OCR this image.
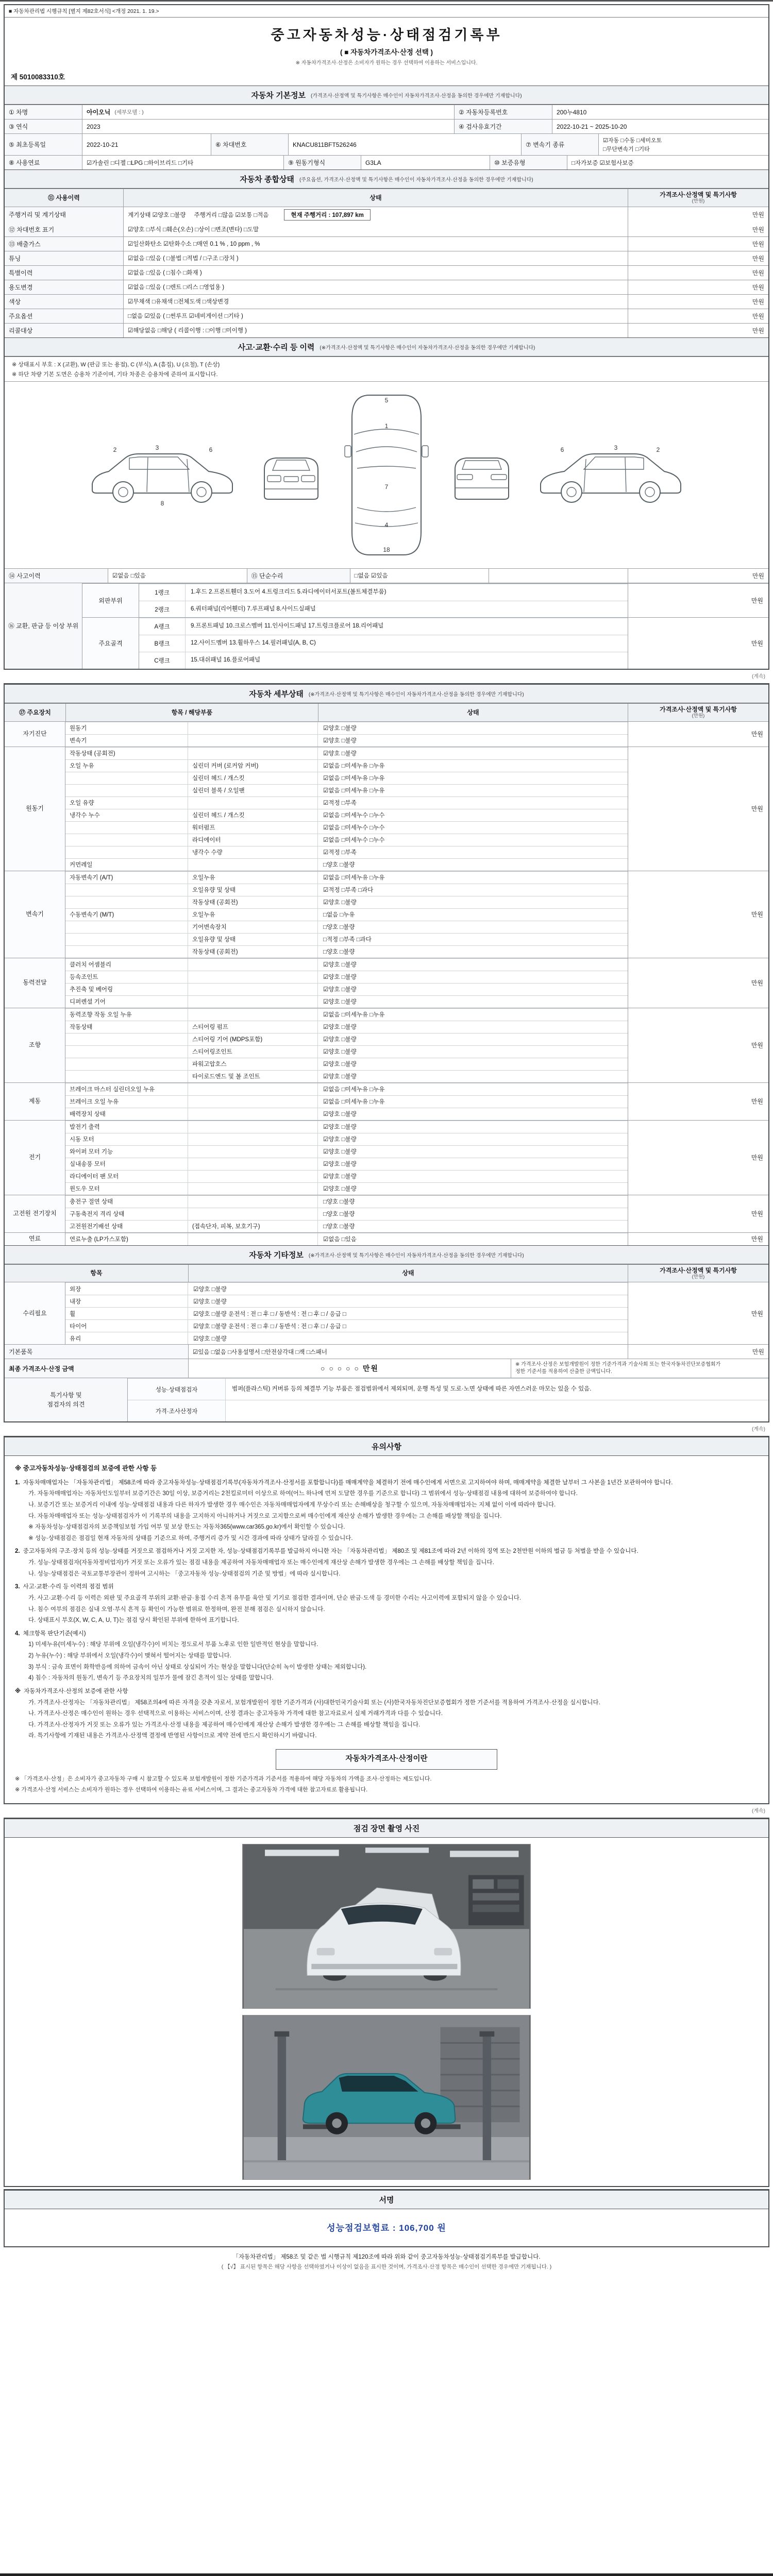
■ 자동차관리법 시행규칙 [별지 제82호서식] <개정 2021. 1. 19.>
중고자동차성능·상태점검기록부
( ■ 자동차가격조사·산정 선택 )
※ 자동차가격조사·산정은 소비자가 원하는 경우 선택하여 이용하는 서비스입니다.
제 5010083310호
자동차 기본정보 (가격조사·산정액 및 특기사항은 매수인이 자동차가격조사·산정을 동의한 경우에만 기재합니다)
① 차명	아이오닉 (세부모델 : )	② 자동차등록번호	200누4810
③ 연식	2023	④ 검사유효기간	2022-10-21 ~ 2025-10-20
⑤ 최초등록일	2022-10-21	⑥ 차대번호	KNACU811BFT526246	⑦ 변속기 종류
☑자동 □수동 □세미오토
□무단변속기 □기타
⑧ 사용연료	☑가솔린 □디젤 □LPG □하이브리드 □기타	⑨ 원동기형식	G3LA	⑩ 보증유형	□자가보증 ☑보험사보증
자동차 종합상태 (주요옵션, 가격조사·산정액 및 특기사항은 매수인이 자동차가격조사·산정을 동의한 경우에만 기재합니다)
⑪ 사용이력	상태	가격조사·산정액 및 특기사항
(만원)
주행거리 및 계기상태	계기상태 ☑양호 □불량 주행거리 □많음 ☑보통 □적음	현재 주행거리 : 107,897 km	만원
⑫ 차대번호 표기	☑양호 □부식 □훼손(오손) □상이 □변조(변타) □도말	만원
⑬ 배출가스	☑일산화탄소 ☑탄화수소 □매연 0.1 % , 10 ppm , %	만원
튜닝	☑없음 □있음 ( □불법 □적법 / □구조 □장치 )	만원
특별이력	☑없음 □있음 ( □침수 □화재 )	만원
용도변경	☑없음 □있음 ( □렌트 □리스 □영업용 )	만원
색상	☑무채색 □유채색 □전체도색 □색상변경	만원
주요옵션	□없음 ☑있음 ( □썬루프 ☑네비게이션 □기타 )	만원
리콜대상	☑해당없음 □해당 ( 리콜이행 : □이행 □미이행 )	만원
사고·교환·수리 등 이력 (※가격조사·산정액 및 특기사항은 매수인이 자동차가격조사·산정을 동의한 경우에만 기재합니다)
※ 상태표시 부호 : X (교환), W (판금 또는 용접), C (부식), A (흠집), U (요철), T (손상)
※ 하단 차량 기본 도면은 승용차 기준이며, 기타 차종은 승용차에 준하여 표시합니다.
2	3	6
8
5
1
7
4
18
2
3
6
⑭ 사고이력	☑없음 □있음	⑮ 단순수리	□없음 ☑있음	만원
⑯ 교환, 판금 등 이상 부위
외판부위
1랭크	1.후드 2.프론트휀더 3.도어 4.트렁크리드 5.라디에이터서포트(볼트체결부품)
2랭크	6.쿼터패널(리어휀더) 7.루프패널 8.사이드실패널
만원
주요골격
A랭크	9.프론트패널 10.크로스멤버 11.인사이드패널 17.트렁크플로어 18.리어패널
B랭크	12.사이드멤버 13.휠하우스 14.필러패널(A, B, C)
C랭크	15.대쉬패널 16.플로어패널
만원
(계속)
자동차 세부상태 (※가격조사·산정액 및 특기사항은 매수인이 자동차가격조사·산정을 동의한 경우에만 기재합니다)
⑰ 주요장치	항목 / 해당부품	상태	가격조사·산정액 및 특기사항
(만원)
자기진단
원동기	☑양호 □불량
변속기	☑양호 □불량
만원
원동기
작동상태 (공회전)	☑양호 □불량
오일 누유	실린더 커버 (로커암 커버)	☑없음 □미세누유 □누유
실린더 헤드 / 개스킷	☑없음 □미세누유 □누유
실린더 블록 / 오일팬	☑없음 □미세누유 □누유
오일 유량	☑적정 □부족
냉각수 누수	실린더 헤드 / 개스킷	☑없음 □미세누수 □누수
워터펌프	☑없음 □미세누수 □누수
라디에이터	☑없음 □미세누수 □누수
냉각수 수량	☑적정 □부족
커먼레일	□양호 □불량
만원
변속기
자동변속기 (A/T)	오일누유	☑없음 □미세누유 □누유
오일유량 및 상태	☑적정 □부족 □과다
작동상태 (공회전)	☑양호 □불량
수동변속기 (M/T)	오일누유	□없음 □누유
기어변속장치	□양호 □불량
오일유량 및 상태	□적정 □부족 □과다
작동상태 (공회전)	□양호 □불량
만원
동력전달
클러치 어셈블리	☑양호 □불량
등속조인트	☑양호 □불량
추진축 및 베어링	☑양호 □불량
디퍼렌셜 기어	☑양호 □불량
만원
조향
동력조향 작동 오일 누유	☑없음 □미세누유 □누유
작동상태	스티어링 펌프	☑양호 □불량
스티어링 기어 (MDPS포함)	☑양호 □불량
스티어링조인트	☑양호 □불량
파워고압호스	☑양호 □불량
타이로드엔드 및 볼 조인트	☑양호 □불량
만원
제동
브레이크 마스터 실린더오일 누유	☑없음 □미세누유 □누유
브레이크 오일 누유	☑없음 □미세누유 □누유
배력장치 상태	☑양호 □불량
만원
전기
발전기 출력	☑양호 □불량
시동 모터	☑양호 □불량
와이퍼 모터 기능	☑양호 □불량
실내송풍 모터	☑양호 □불량
라디에이터 팬 모터	☑양호 □불량
윈도우 모터	☑양호 □불량
만원
고전원 전기장치
충전구 절연 상태	□양호 □불량
구동축전지 격리 상태	□양호 □불량
고전원전기배선 상태	(접속단자, 피복, 보호기구)	□양호 □불량
만원
연료	연료누출 (LP가스포함)	☑없음 □있음	만원
자동차 기타정보 (※가격조사·산정액 및 특기사항은 매수인이 자동차가격조사·산정을 동의한 경우에만 기재합니다)
항목	상태	가격조사·산정액 및 특기사항
(만원)
수리필요
외장	☑양호 □불량
내장	☑양호 □불량
휠	☑양호 □불량 운전석 : 전 □ 후 □ / 동반석 : 전 □ 후 □ / 응급 □
타이어	☑양호 □불량 운전석 : 전 □ 후 □ / 동반석 : 전 □ 후 □ / 응급 □
유리	☑양호 □불량
만원
기본품목	☑있음 □없음 □사용설명서 □안전삼각대 □잭 □스패너	만원
최종 가격조사·산정 금액	○ ○ ○ ○ ○ 만원	※ 가격조사·산정은 보험개발원이 정한 기준가격과 기술사회 또는 한국자동차진단보증협회가
정한 기준서를 적용하여 산출한 금액입니다.
특기사항 및
점검자의 의견
성능·상태점검자	범퍼(플라스틱) 커버류 등의 체결부 기능 부품은 점검범위에서 제외되며, 운행 특성 및 도로·노면 상태에 따른 자연스러운 마모는 있을 수 있음.
가격·조사산정자
(계속)
유의사항
※ 중고자동차성능·상태점검의 보증에 관한 사항 등
1. 자동차매매업자는 「자동차관리법」 제58조에 따라 중고자동차성능·상태점검기록부(자동차가격조사·산정서를 포함합니다)를 매매계약을 체결하기 전에 매수인에게 서면으로 고지하여야 하며, 매매계약을 체결한 날부터 그 사본을 1년간 보관하여야 합니다.
가. 자동차매매업자는 자동차인도일부터 보증기간은 30일 이상, 보증거리는 2천킬로미터 이상으로 하여(어느 하나에 먼저 도달한 경우를 기준으로 합니다) 그 범위에서 성능·상태점검 내용에 대하여 보증하여야 합니다.
나. 보증기간 또는 보증거리 이내에 성능·상태점검 내용과 다른 하자가 발생한 경우 매수인은 자동차매매업자에게 무상수리 또는 손해배상을 청구할 수 있으며, 자동차매매업자는 지체 없이 이에 따라야 합니다.
다. 자동차매매업자 또는 성능·상태점검자가 이 기록부의 내용을 고지하지 아니하거나 거짓으로 고지함으로써 매수인에게 재산상 손해가 발생한 경우에는 그 손해를 배상할 책임을 집니다.
※ 자동차성능·상태점검자의 보증책임보험 가입 여부 및 보상 한도는 자동차365(www.car365.go.kr)에서 확인할 수 있습니다.
※ 성능·상태점검은 점검일 현재 자동차의 상태를 기준으로 하며, 주행거리 증가 및 시간 경과에 따라 상태가 달라질 수 있습니다.
2. 중고자동차의 구조·장치 등의 성능·상태를 거짓으로 점검하거나 거짓 고지한 자, 성능·상태점검기록부를 발급하지 아니한 자는 「자동차관리법」 제80조 및 제81조에 따라 2년 이하의 징역 또는 2천만원 이하의 벌금 등 처벌을 받을 수 있습니다.
가. 성능·상태점검자(자동차정비업자)가 거짓 또는 오류가 있는 점검 내용을 제공하여 자동차매매업자 또는 매수인에게 재산상 손해가 발생한 경우에는 그 손해를 배상할 책임을 집니다.
나. 성능·상태점검은 국토교통부장관이 정하여 고시하는 「중고자동차 성능·상태점검의 기준 및 방법」에 따라 실시합니다.
3. 사고·교환·수리 등 이력의 점검 범위
가. 사고·교환·수리 등 이력은 외판 및 주요골격 부위의 교환·판금·용접 수리 흔적 유무를 육안 및 기기로 점검한 결과이며, 단순 판금·도색 등 경미한 수리는 사고이력에 포함되지 않을 수 있습니다.
나. 침수 여부의 점검은 실내 오염·부식 흔적 등 확인이 가능한 범위로 한정하며, 완전 분해 점검은 실시하지 않습니다.
다. 상태표시 부호(X, W, C, A, U, T)는 점검 당시 확인된 부위에 한하여 표기합니다.
4. 체크항목 판단기준(예시)
1) 미세누유(미세누수) : 해당 부위에 오일(냉각수)이 비치는 정도로서 부품 노후로 인한 일반적인 현상을 말합니다.
2) 누유(누수) : 해당 부위에서 오일(냉각수)이 맺혀서 떨어지는 상태를 말합니다.
3) 부식 : 금속 표면이 화학반응에 의하여 금속이 아닌 상태로 상실되어 가는 현상을 말합니다(단순히 녹이 발생한 상태는 제외합니다).
4) 침수 : 자동차의 원동기, 변속기 등 주요장치의 일부가 물에 잠긴 흔적이 있는 상태를 말합니다.
※ 자동차가격조사·산정의 보증에 관한 사항
가. 가격조사·산정자는 「자동차관리법」 제58조의4에 따른 자격을 갖춘 자로서, 보험개발원이 정한 기준가격과 (사)대한민국기술사회 또는 (사)한국자동차진단보증협회가 정한 기준서를 적용하여 가격조사·산정을 실시합니다.
나. 가격조사·산정은 매수인이 원하는 경우 선택적으로 이용하는 서비스이며, 산정 결과는 중고자동차 가격에 대한 참고자료로서 실제 거래가격과 다를 수 있습니다.
다. 가격조사·산정자가 거짓 또는 오류가 있는 가격조사·산정 내용을 제공하여 매수인에게 재산상 손해가 발생한 경우에는 그 손해를 배상할 책임을 집니다.
라. 특기사항에 기재된 내용은 가격조사·산정액 결정에 반영된 사항이므로 계약 전에 반드시 확인하시기 바랍니다.
자동차가격조사·산정이란
※ 「가격조사·산정」은 소비자가 중고자동차 구매 시 참고할 수 있도록 보험개발원이 정한 기준가격과 기준서를 적용하여 해당 자동차의 가액을 조사·산정하는 제도입니다.
※ 가격조사·산정 서비스는 소비자가 원하는 경우 선택하여 이용하는 유료 서비스이며, 그 결과는 중고자동차 가격에 대한 참고자료로 활용됩니다.
(계속)
점검 장면 촬영 사진
서명
성능점검보험료 : 106,700 원
「자동차관리법」 제58조 및 같은 법 시행규칙 제120조에 따라 위와 같이 중고자동차성능·상태점검기록부를 발급합니다.
( 【√】 표시된 항목은 해당 사항을 선택하였거나 이상이 없음을 표시한 것이며, 가격조사·산정 항목은 매수인이 선택한 경우에만 기재됩니다. )
